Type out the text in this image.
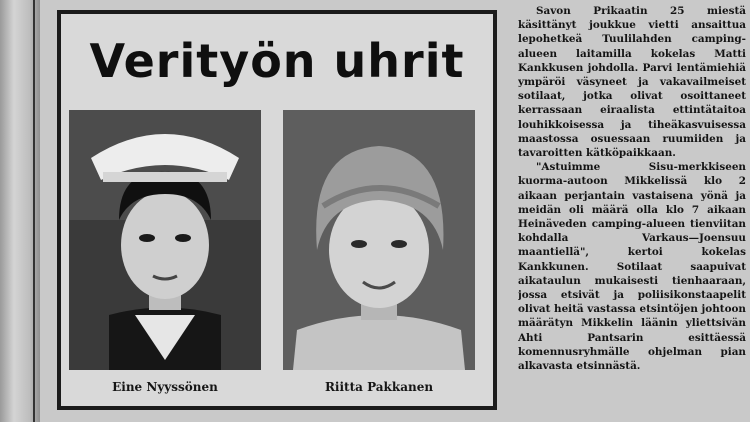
Verityön uhrit
Eine Nyyssönen	Riitta Pakkanen

Savon Prikaatin 25 miestä käsittänyt joukkue vietti ansaittua lepohetkeä Tuulilahden camping-alueen laitamilla kokelas Matti Kankkusen johdolla. Parvi lentämiehiä ympäröi väsyneet ja vakavailmeiset sotilaat, jotka olivat osoittaneet kerrassaan eiraalista ettintätaitoa louhikkoisessa ja tiheäkasvuisessa maastossa osuessaan ruumiiden ja tavaroitten kätköpaikkaan.

"Astuimme Sisu-merkkiseen kuorma-autoon Mikkelissä klo 2 aikaan perjantain vastaisena yönä ja meidän oli määrä olla klo 7 aikaan Heinäveden camping-alueen tienviitan kohdalla Varkaus—Joensuu maantiellä", kertoi kokelas Kankkunen. Sotilaat saapuivat aikataulun mukaisesti tienhaaraan, jossa etsivät ja poliisikonstaapelit olivat heitä vastassa etsintöjen johtoon määrätyn Mikkelin läänin yliettsivän Ahti Pantsarin esittäessä komennusryhmälle ohjelman pian alkavasta etsinnästä.
